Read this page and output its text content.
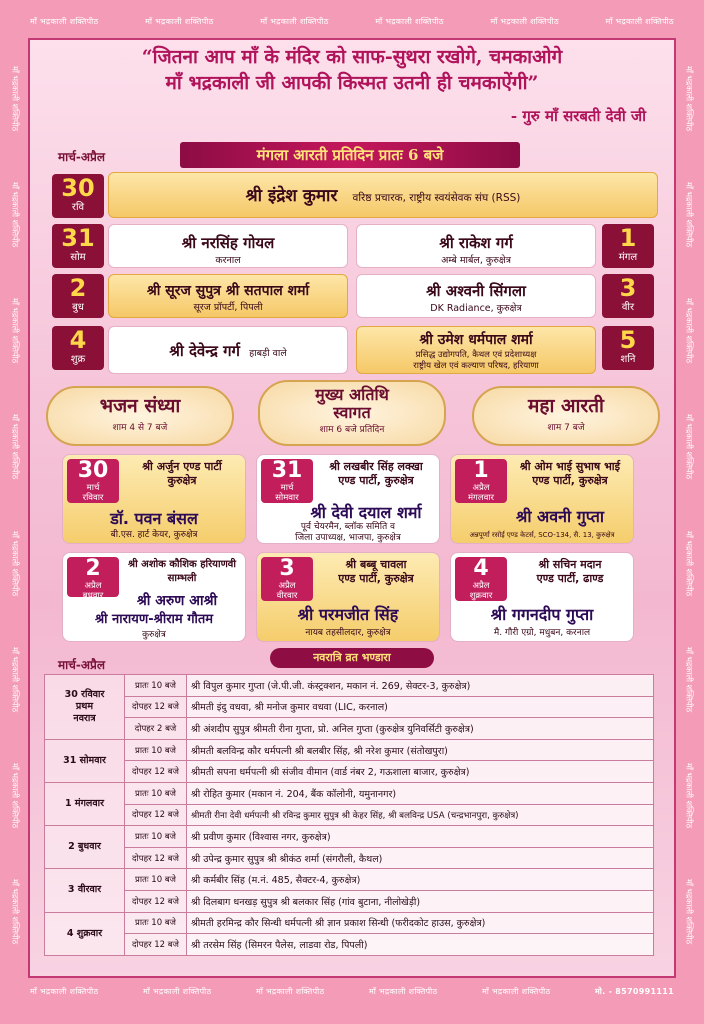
माँ भद्रकाली शक्तिपीठ	माँ भद्रकाली शक्तिपीठ	माँ भद्रकाली शक्तिपीठ	माँ भद्रकाली शक्तिपीठ	माँ भद्रकाली शक्तिपीठ	माँ भद्रकाली शक्तिपीठ
माँ भद्रकाली शक्तिपीठ	माँ भद्रकाली शक्तिपीठ	माँ भद्रकाली शक्तिपीठ	माँ भद्रकाली शक्तिपीठ	माँ भद्रकाली शक्तिपीठ	मो. - 8570991111
माँ भद्रकाली शक्तिपीठ
माँ भद्रकाली शक्तिपीठ
माँ भद्रकाली शक्तिपीठ
माँ भद्रकाली शक्तिपीठ
माँ भद्रकाली शक्तिपीठ
माँ भद्रकाली शक्तिपीठ
माँ भद्रकाली शक्तिपीठ
माँ भद्रकाली शक्तिपीठ
माँ भद्रकाली शक्तिपीठ
माँ भद्रकाली शक्तिपीठ
माँ भद्रकाली शक्तिपीठ
माँ भद्रकाली शक्तिपीठ
माँ भद्रकाली शक्तिपीठ
माँ भद्रकाली शक्तिपीठ
माँ भद्रकाली शक्तिपीठ
माँ भद्रकाली शक्तिपीठ
“जितना आप माँ के मंदिर को साफ-सुथरा रखोगे, चमकाओगे
माँ भद्रकाली जी आपकी किस्मत उतनी ही चमकाऐंगी”
- गुरु माँ सरबती देवी जी
मार्च-अप्रैल	मंगला आरती प्रतिदिन प्रातः 6 बजे
30
रवि
श्री इंद्रेश कुमार वरिष्ठ प्रचारक, राष्ट्रीय स्वयंसेवक संघ (RSS)
31
सोम
श्री नरसिंह गोयल
करनाल
श्री राकेश गर्ग
अम्बे मार्बल, कुरुक्षेत्र
1
मंगल
2
बुध
श्री सूरज सुपुत्र श्री सतपाल शर्मा
सूरज प्रॉपर्टी, पिपली
श्री अश्वनी सिंगला
DK Radiance, कुरुक्षेत्र
3
वीर
4
शुक्र	श्री देवेन्द्र गर्ग हाबड़ी वाले
श्री उमेश धर्मपाल शर्मा
प्रसिद्ध उद्योगपति, कैथल एवं प्रदेशाध्यक्ष
राष्ट्रीय खेल एवं कल्याण परिषद, हरियाणा
5
शनि
भजन संध्या
शाम 4 से 7 बजे
मुख्य अतिथि
स्वागत
शाम 6 बजे प्रतिदिन
महा आरती
शाम 7 बजे
30
मार्च
रविवार
श्री अर्जुन एण्ड पार्टी
कुरुक्षेत्र
डॉ. पवन बंसल
बी.एस. हार्ट केयर, कुरुक्षेत्र
31
मार्च
सोमवार
श्री लखबीर सिंह लक्खा
एण्ड पार्टी, कुरुक्षेत्र
श्री देवी दयाल शर्मा
पूर्व चेयरमैन, ब्लॉक समिति व
जिला उपाध्यक्ष, भाजपा, कुरुक्षेत्र
1
अप्रैल
मंगलवार
श्री ओम भाई सुभाष भाई
एण्ड पार्टी, कुरुक्षेत्र
श्री अवनी गुप्ता
अन्नपूर्णा रसोई एण्ड केटर्स, SCO-134, सै. 13, कुरुक्षेत्र
2
अप्रैल
बुधवार
श्री अशोक कौशिक हरियाणवी
साम्भली
श्री अरुण आश्री
श्री नारायण-श्रीराम गौतम
कुरुक्षेत्र
3
अप्रैल
वीरवार
श्री बब्बू चावला
एण्ड पार्टी, कुरुक्षेत्र
श्री परमजीत सिंह
नायब तहसीलदार, कुरुक्षेत्र
4
अप्रैल
शुक्रवार
श्री सचिन मदान
एण्ड पार्टी, ढाण्ड
श्री गगनदीप गुप्ता
मै. गौरी एग्रो, मधुबन, करनाल
मार्च-अप्रैल
नवरात्रि व्रत भण्डारा
30 रविवार
प्रथम
नवरात्र	प्रातः 10 बजे	श्री विपुल कुमार गुप्ता (जे.पी.जी. कंस्ट्रक्शन, मकान नं. 269, सेक्टर-3, कुरुक्षेत्र)
	दोपहर 12 बजे	श्रीमती इंदु वधवा, श्री मनोज कुमार वधवा (LIC, करनाल)
	दोपहर 2 बजे	श्री अंशदीप सुपुत्र श्रीमती रीना गुप्ता, प्रो. अनिल गुप्ता (कुरुक्षेत्र युनिवर्सिटी कुरुक्षेत्र)
31 सोमवार	प्रातः 10 बजे	श्रीमती बलविन्द्र कौर धर्मपत्नी श्री बलबीर सिंह, श्री नरेश कुमार (संतोखपुरा)
	दोपहर 12 बजे	श्रीमती सपना धर्मपत्नी श्री संजीव वीमान (वार्ड नंबर 2, गऊशाला बाजार, कुरुक्षेत्र)
1 मंगलवार	प्रातः 10 बजे	श्री रोहित कुमार (मकान नं. 204, बैंक कॉलोनी, यमुनानगर)
	दोपहर 12 बजे	श्रीमती रीना देवी धर्मपत्नी श्री रविन्द्र कुमार सुपुत्र श्री केहर सिंह, श्री बलविन्द्र USA (चन्द्रभानपुरा, कुरुक्षेत्र)
2 बुधवार	प्रातः 10 बजे	श्री प्रवीण कुमार (विश्वास नगर, कुरुक्षेत्र)
	दोपहर 12 बजे	श्री उपेन्द्र कुमार सुपुत्र श्री श्रीकंठ शर्मा (संगरौली, कैथल)
3 वीरवार	प्रातः 10 बजे	श्री कर्मबीर सिंह (म.नं. 485, सैक्टर-4, कुरुक्षेत्र)
	दोपहर 12 बजे	श्री दिलबाग धनखड़ सुपुत्र श्री बलकार सिंह (गांव बुटाना, नीलोखेड़ी)
4 शुक्रवार	प्रातः 10 बजे	श्रीमती हरमिन्द्र कौर सिन्धी धर्मपत्नी श्री ज्ञान प्रकाश सिन्धी (फरीदकोट हाउस, कुरुक्षेत्र)
	दोपहर 12 बजे	श्री तरसेम सिंह (सिमरन पैलेस, लाडवा रोड, पिपली)
